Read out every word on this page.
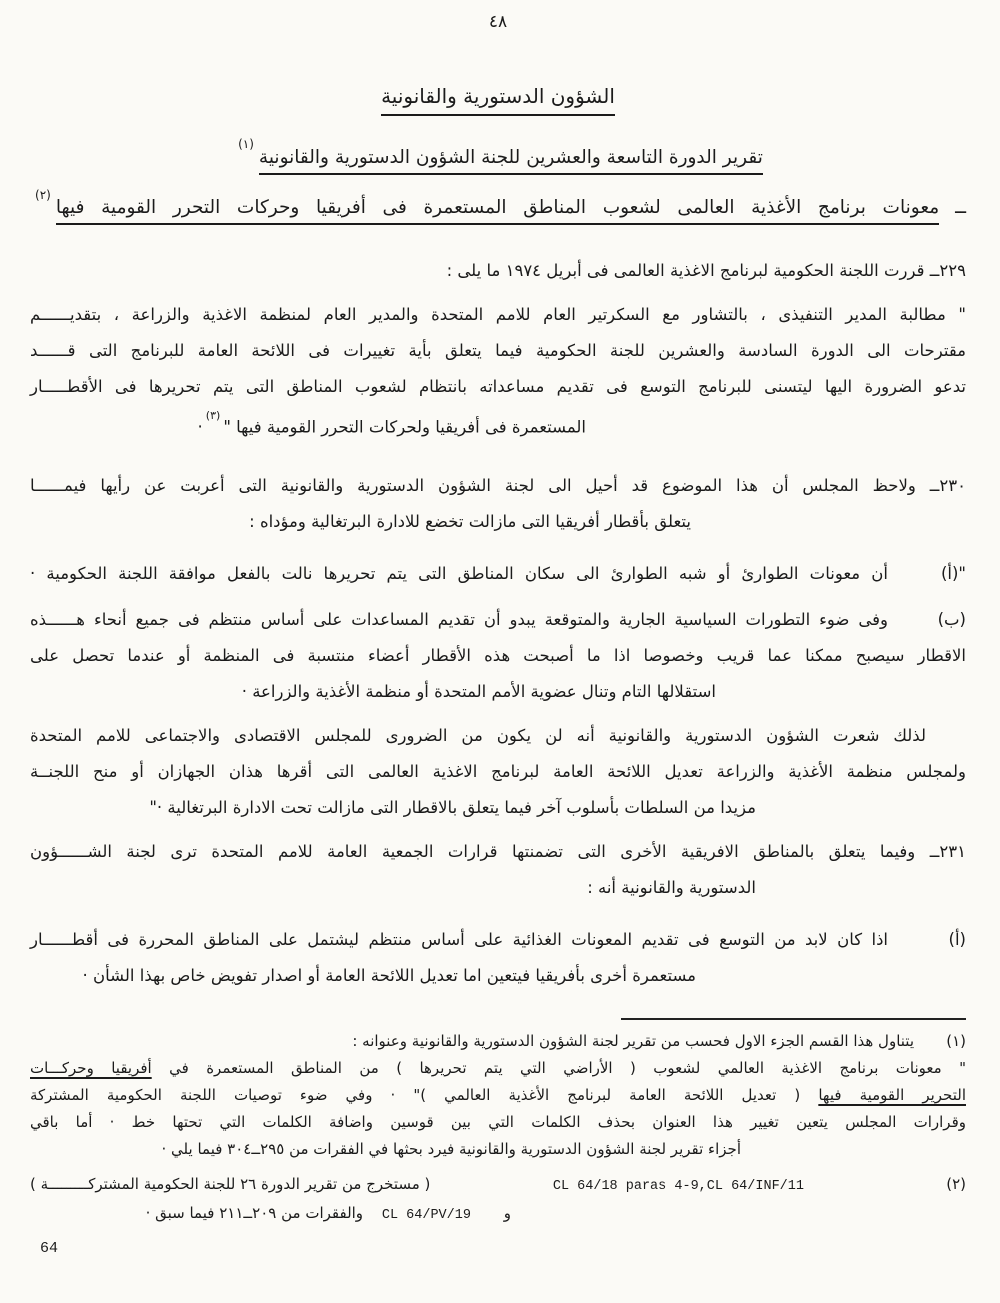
٤٨
الشؤون الدستورية والقانونية
تقرير الدورة التاسعة والعشرين للجنة الشؤون الدستورية والقانونية$^{(١)}$
ــ
معونات برنامج الأغذية العالمى لشعوب المناطق المستعمرة فى أفريقيا وحركات التحرر القومية فيها
$^{(٢)}$
٢٢٩ــ قررت اللجنة الحكومية لبرنامج الاغذية العالمى فى أبريل ١٩٧٤ ما يلى :
" مطالبة المدير التنفيذى ، بالتشاور مع السكرتير العام للامم المتحدة والمدير العام لمنظمة الاغذية والزراعة ، بتقديــــــم
مقترحات الى الدورة السادسة والعشرين للجنة الحكومية فيما يتعلق بأية تغييرات فى اللائحة العامة للبرنامج التى قــــــد
تدعو الضرورة اليها ليتسنى للبرنامج التوسع فى تقديم مساعداته بانتظام لشعوب المناطق التى يتم تحريرها فى الأقطـــــار
المستعمرة فى أفريقيا ولحركات التحرر القومية فيها "$^{(٣)}$·
٢٣٠ــ ولاحظ المجلس أن هذا الموضوع قد أحيل الى لجنة الشؤون الدستورية والقانونية التى أعربت عن رأيها فيمــــــا
يتعلق بأقطار أفريقيا التى مازالت تخضع للادارة البرتغالية ومؤداه :
"(أ)
أن معونات الطوارئ أو شبه الطوارئ الى سكان المناطق التى يتم تحريرها نالت بالفعل موافقة اللجنة الحكومية ·
(ب)
وفى ضوء التطورات السياسية الجارية والمتوقعة يبدو أن تقديم المساعدات على أساس منتظم فى جميع أنحاء هــــــذه
الاقطار سيصبح ممكنا عما قريب وخصوصا اذا ما أصبحت هذه الأقطار أعضاء منتسبة فى المنظمة أو عندما تحصل على
استقلالها التام وتنال عضوية الأمم المتحدة أو منظمة الأغذية والزراعة ·
لذلك شعرت الشؤون الدستورية والقانونية أنه لن يكون من الضرورى للمجلس الاقتصادى والاجتماعى للامم المتحدة
ولمجلس منظمة الأغذية والزراعة تعديل اللائحة العامة لبرنامج الاغذية العالمى التى أقرها هذان الجهازان أو منح اللجنــة
مزيدا من السلطات بأسلوب آخر فيما يتعلق بالاقطار التى مازالت تحت الادارة البرتغالية ·"
٢٣١ــ وفيما يتعلق بالمناطق الافريقية الأخرى التى تضمنتها قرارات الجمعية العامة للامم المتحدة ترى لجنة الشــــــؤون
الدستورية والقانونية أنه :
(أ)
اذا كان لابد من التوسع فى تقديم المعونات الغذائية على أساس منتظم ليشتمل على المناطق المحررة فى أقطــــــار
مستعمرة أخرى بأفريقيا فيتعين اما تعديل اللائحة العامة أو اصدار تفويض خاص بهذا الشأن ·
(١)
يتناول هذا القسم الجزء الاول فحسب من تقرير لجنة الشؤون الدستورية والقانونية وعنوانه :
" معونات برنامج الاغذية العالمي لشعوب ( الأراضي التي يتم تحريرها ) من المناطق المستعمرة في أفريقيا وحركـــات
التحرير القومية فيها ( تعديل اللائحة العامة لبرنامج الأغذية العالمي )" · وفي ضوء توصيات اللجنة الحكومية المشتركة
وقرارات المجلس يتعين تغيير هذا العنوان بحذف الكلمات التي بين قوسين واضافة الكلمات التي تحتها خط · أما باقي
أجزاء تقرير لجنة الشؤون الدستورية والقانونية فيرد بحثها في الفقرات من ٢٩٥ــ٣٠٤ فيما يلي ·
(٢)
CL 64/18 paras 4-9,CL 64/INF/11
( مستخرج من تقرير الدورة ٢٦ للجنة الحكومية المشتركـــــــــة )
و CL 64/PV/19 والفقرات من ٢٠٩ــ٢١١ فيما سبق ·
64
